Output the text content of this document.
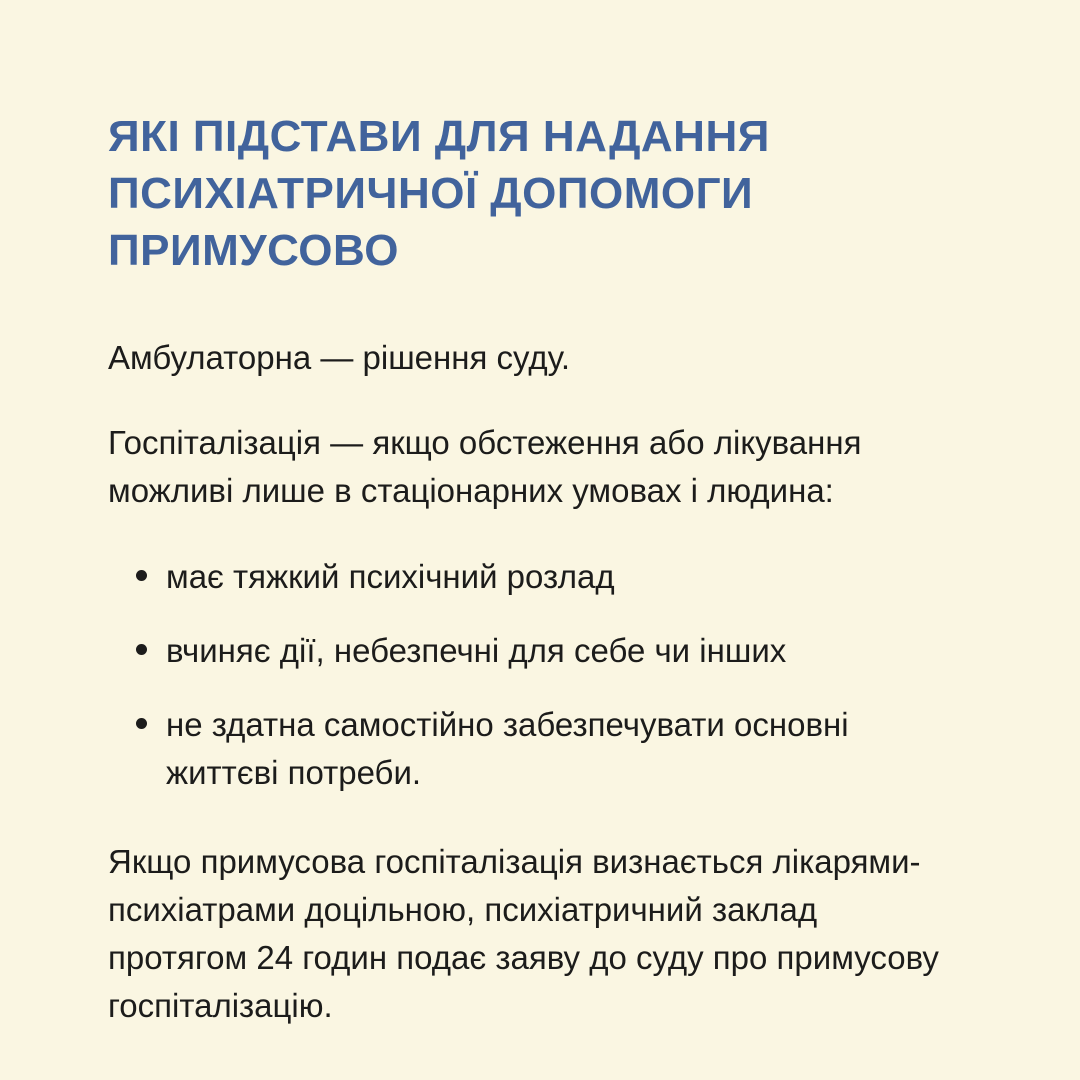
ЯКІ ПІДСТАВИ ДЛЯ НАДАННЯ ПСИХІАТРИЧНОЇ ДОПОМОГИ ПРИМУСОВО

Амбулаторна — рішення суду.

Госпіталізація — якщо обстеження або лікування можливі лише в стаціонарних умовах і людина:

має тяжкий психічний розлад
вчиняє дії, небезпечні для себе чи інших
не здатна самостійно забезпечувати основні життєві потреби.

Якщо примусова госпіталізація визнається лікарями-психіатрами доцільною, психіатричний заклад протягом 24 годин подає заяву до суду про примусову госпіталізацію.
